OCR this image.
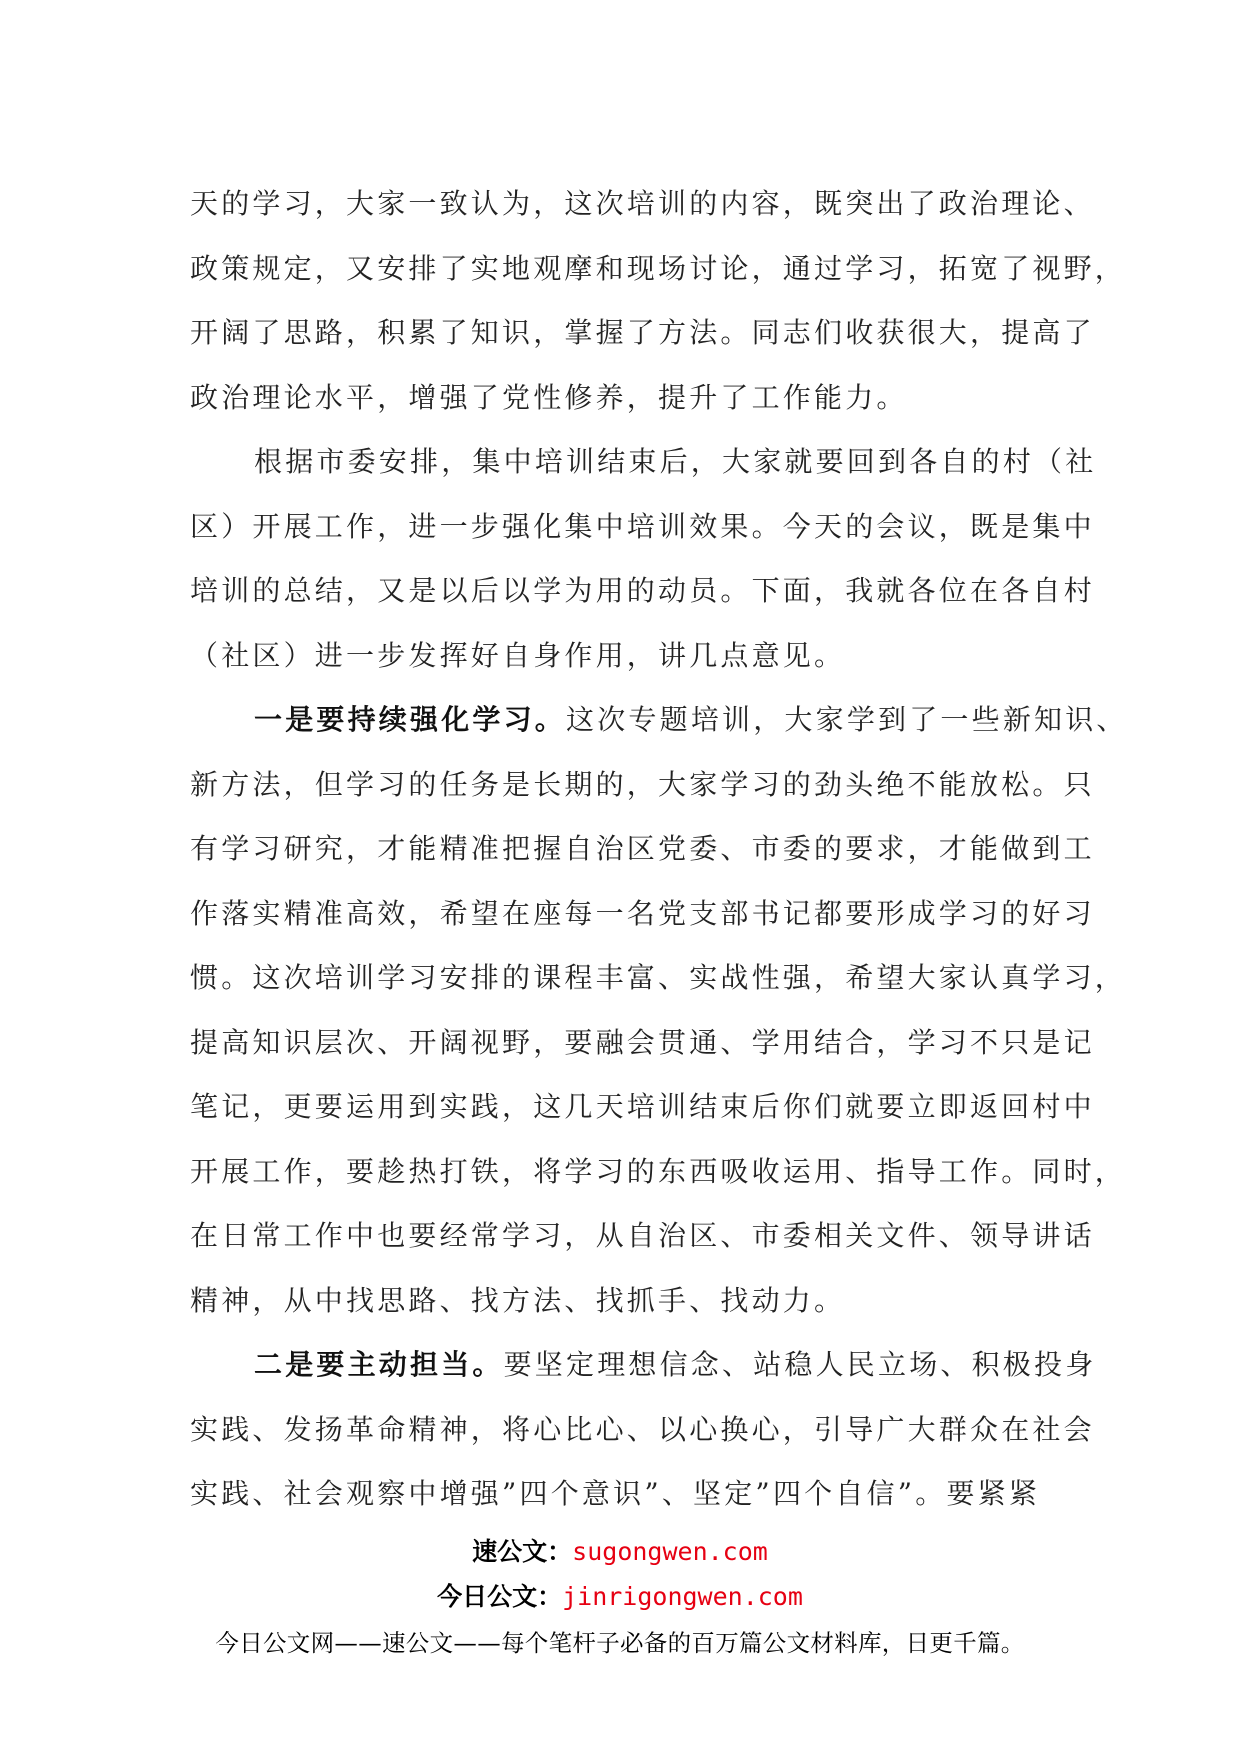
天的学习，大家一致认为，这次培训的内容，既突出了政治理论、
政策规定，又安排了实地观摩和现场讨论，通过学习，拓宽了视野，
开阔了思路，积累了知识，掌握了方法。同志们收获很大，提高了
政治理论水平，增强了党性修养，提升了工作能力。
根据市委安排，集中培训结束后，大家就要回到各自的村（社
区）开展工作，进一步强化集中培训效果。今天的会议，既是集中
培训的总结，又是以后以学为用的动员。下面，我就各位在各自村
（社区）进一步发挥好自身作用，讲几点意见。
一是要持续强化学习。这次专题培训，大家学到了一些新知识、
新方法，但学习的任务是长期的，大家学习的劲头绝不能放松。只
有学习研究，才能精准把握自治区党委、市委的要求，才能做到工
作落实精准高效，希望在座每一名党支部书记都要形成学习的好习
惯。这次培训学习安排的课程丰富、实战性强，希望大家认真学习，
提高知识层次、开阔视野，要融会贯通、学用结合，学习不只是记
笔记，更要运用到实践，这几天培训结束后你们就要立即返回村中
开展工作，要趁热打铁，将学习的东西吸收运用、指导工作。同时，
在日常工作中也要经常学习，从自治区、市委相关文件、领导讲话
精神，从中找思路、找方法、找抓手、找动力。
二是要主动担当。要坚定理想信念、站稳人民立场、积极投身
实践、发扬革命精神，将心比心、以心换心，引导广大群众在社会
实践、社会观察中增强”四个意识”、坚定”四个自信”。要紧紧
速公文：sugongwen.com
今日公文：jinrigongwen.com
今日公文网——速公文——每个笔杆子必备的百万篇公文材料库，日更千篇。
